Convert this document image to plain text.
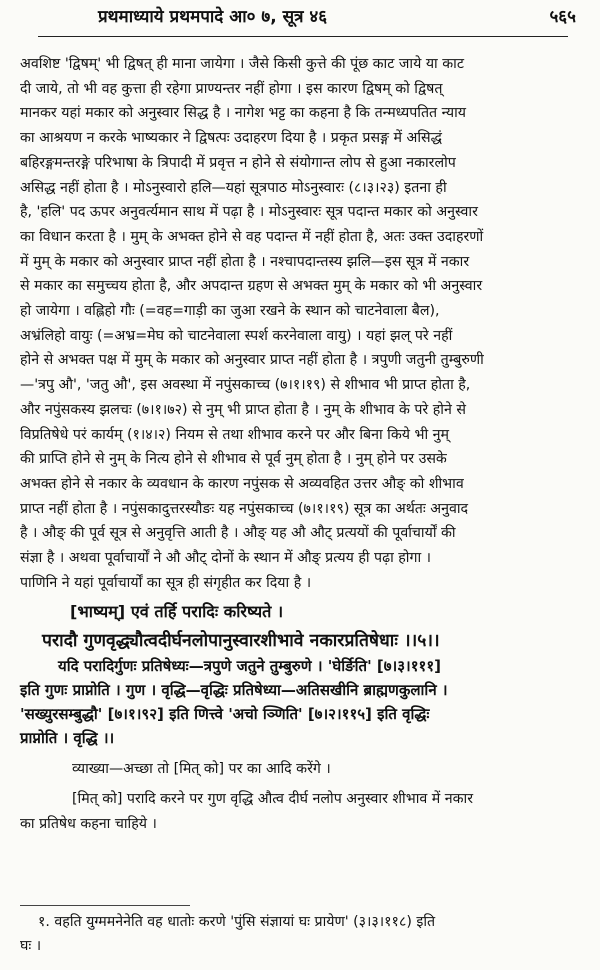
प्रथमाध्याये प्रथमपादे आ० ७, सूत्र ४६	५६५
अवशिष्ट 'द्विषम्' भी द्विषत् ही माना जायेगा । जैसे किसी कुत्ते की पूंछ काट जाये या काट
दी जाये, तो भी वह कुत्ता ही रहेगा प्राण्यन्तर नहीं होगा । इस कारण द्विषम् को द्विषत्
मानकर यहां मकार को अनुस्वार सिद्ध है । नागेश भट्ट का कहना है कि तन्मध्यपतित न्याय
का आश्रयण न करके भाष्यकार ने द्विषत्पः उदाहरण दिया है । प्रकृत प्रसङ्ग में असिद्धं
बहिरङ्गमन्तरङ्गे परिभाषा के त्रिपादी में प्रवृत्त न होने से संयोगान्त लोप से हुआ नकारलोप
असिद्ध नहीं होता है । मोऽनुस्वारो हलि—यहां सूत्रपाठ मोऽनुस्वारः (८।३।२३) इतना ही
है, 'हलि' पद ऊपर अनुवर्त्यमान साथ में पढ़ा है । मोऽनुस्वारः सूत्र पदान्त मकार को अनुस्वार
का विधान करता है । मुम् के अभक्त होने से वह पदान्त में नहीं होता है, अतः उक्त उदाहरणों
में मुम् के मकार को अनुस्वार प्राप्त नहीं होता है । नश्चापदान्तस्य झलि—इस सूत्र में नकार
से मकार का समुच्चय होता है, और अपदान्त ग्रहण से अभक्त मुम् के मकार को भी अनुस्वार
हो जायेगा । वह्लिहो गौः (=वह=गाड़ी का जुआ रखने के स्थान को चाटनेवाला बैल),
अभ्रंलिहो वायुः (=अभ्र=मेघ को चाटनेवाला स्पर्श करनेवाला वायु) । यहां झल् परे नहीं
होने से अभक्त पक्ष में मुम् के मकार को अनुस्वार प्राप्त नहीं होता है । त्रपुणी जतुनी तुम्बुरुणी
—'त्रपु औ', 'जतु औ', इस अवस्था में नपुंसकाच्च (७।१।१९) से शीभाव भी प्राप्त होता है,
और नपुंसकस्य झलचः (७।१।७२) से नुम् भी प्राप्त होता है । नुम् के शीभाव के परे होने से
विप्रतिषेधे परं कार्यम् (१।४।२) नियम से तथा शीभाव करने पर और बिना किये भी नुम्
की प्राप्ति होने से नुम् के नित्य होने से शीभाव से पूर्व नुम् होता है । नुम् होने पर उसके
अभक्त होने से नकार के व्यवधान के कारण नपुंसक से अव्यवहित उत्तर औङ् को शीभाव
प्राप्त नहीं होता है । नपुंसकादुत्तरस्यौङः यह नपुंसकाच्च (७।१।१९) सूत्र का अर्थतः अनुवाद
है । औङ् की पूर्व सूत्र से अनुवृत्ति आती है । औङ् यह औ औट् प्रत्ययों की पूर्वाचार्यों की
संज्ञा है । अथवा पूर्वाचार्यों ने औ औट् दोनों के स्थान में औङ् प्रत्यय ही पढ़ा होगा ।
पाणिनि ने यहां पूर्वाचार्यों का सूत्र ही संगृहीत कर दिया है ।
[भाष्यम्] एवं तर्हि परादिः करिष्यते ।
परादौ गुणवृद्ध्यौत्वदीर्घनलोपानुस्वारशीभावे नकारप्रतिषेधाः ।।५।।
यदि परादिर्गुणः प्रतिषेध्यः—त्रपुणे जतुने तुम्बुरुणे । 'घेर्ङिति' [७।३।१११]
इति गुणः प्राप्नोति । गुण । वृद्धि—वृद्धिः प्रतिषेध्या—अतिसखीनि ब्राह्मणकुलानि ।
'सख्युरसम्बुद्धौ' [७।१।९२] इति णित्त्वे 'अचो ञ्णिति' [७।२।११५] इति वृद्धिः
प्राप्नोति । वृद्धि ।।
व्याख्या—अच्छा तो [मित् को] पर का आदि करेंगे ।
[मित् को] परादि करने पर गुण वृद्धि औत्व दीर्घ नलोप अनुस्वार शीभाव में नकार
का प्रतिषेध कहना चाहिये ।
१. वहति युग्ममनेनेति वह धातोः करणे 'पुंसि संज्ञायां घः प्रायेण' (३।३।११८) इति
घः ।
